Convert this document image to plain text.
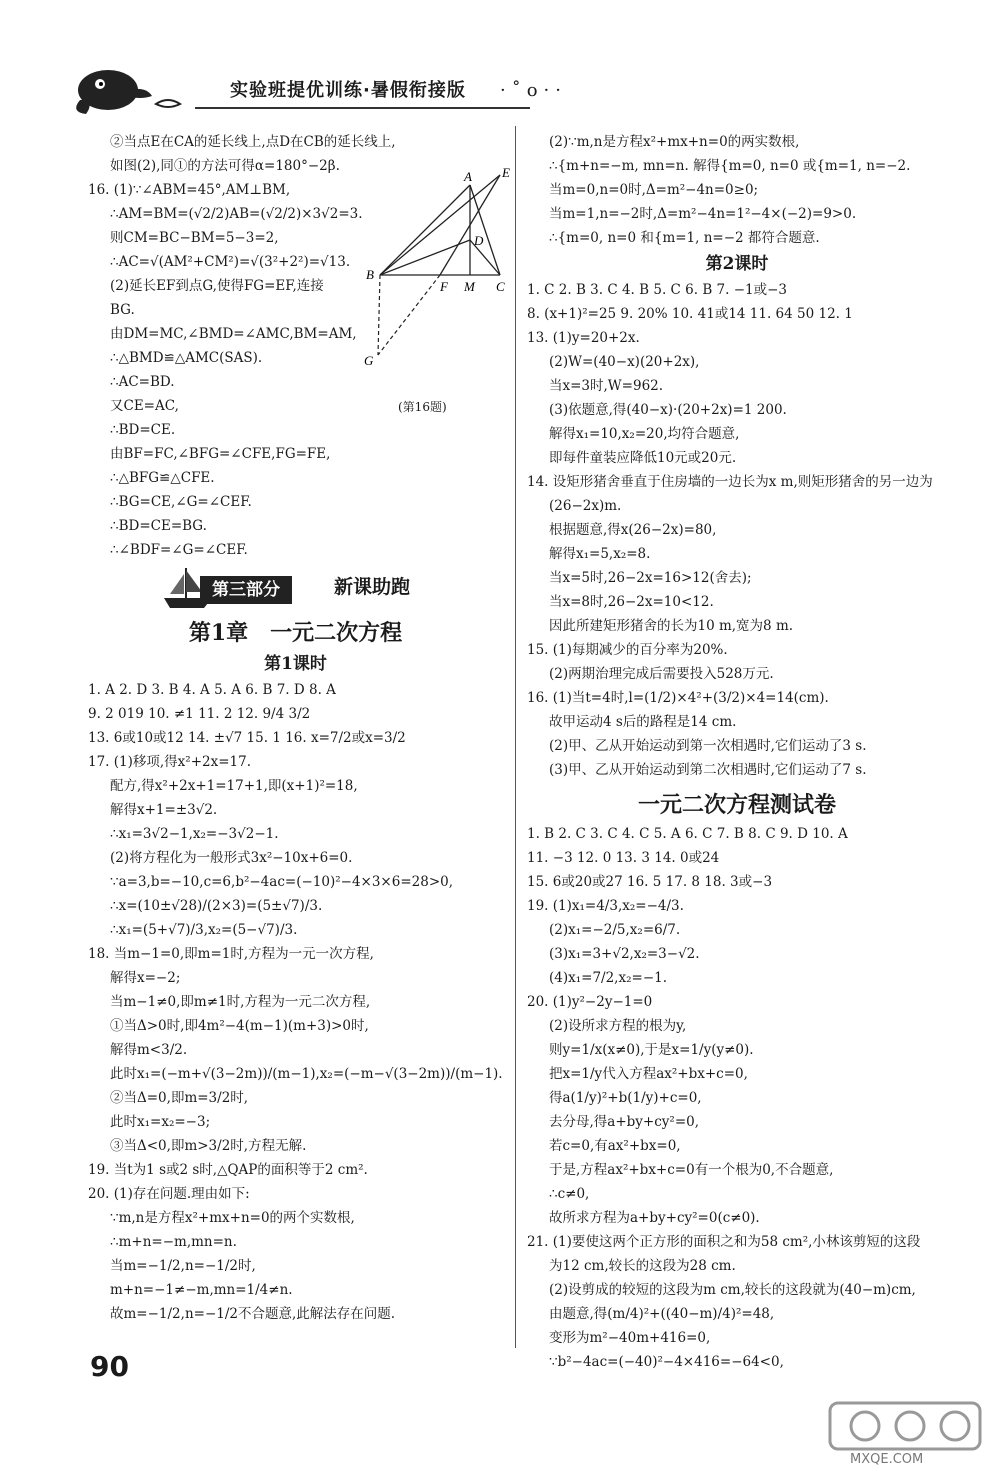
实验班提优训练·暑假衔接版 ·˚o··
②当点E在CA的延长线上,点D在CB的延长线上,
如图(2),同①的方法可得α=180°−2β.
16. (1)∵∠ABM=45°,AM⊥BM,
∴AM=BM=(√2/2)AB=(√2/2)×3√2=3.
则CM=BC−BM=5−3=2,
∴AC=√(AM²+CM²)=√(3²+2²)=√13.
(2)延长EF到点G,使得FG=EF,连接
BG.
由DM=MC,∠BMD=∠AMC,BM=AM,
∴△BMD≌△AMC(SAS).
∴AC=BD.
又CE=AC,
∴BD=CE.
由BF=FC,∠BFG=∠CFE,FG=FE,
∴△BFG≌△CFE.
∴BG=CE,∠G=∠CEF.
∴BD=CE=BG.
∴∠BDF=∠G=∠CEF.
第三部分	新课助跑
第1章　一元二次方程
第1课时
1. A 2. D 3. B 4. A 5. A 6. B 7. D 8. A
9. 2 019 10. ≠1 11. 2 12. 9/4 3/2
13. 6或10或12 14. ±√7 15. 1 16. x=7/2或x=3/2
17. (1)移项,得x²+2x=17.
配方,得x²+2x+1=17+1,即(x+1)²=18,
解得x+1=±3√2.
∴x₁=3√2−1,x₂=−3√2−1.
(2)将方程化为一般形式3x²−10x+6=0.
∵a=3,b=−10,c=6,b²−4ac=(−10)²−4×3×6=28>0,
∴x=(10±√28)/(2×3)=(5±√7)/3.
∴x₁=(5+√7)/3,x₂=(5−√7)/3.
18. 当m−1=0,即m=1时,方程为一元一次方程,
解得x=−2;
当m−1≠0,即m≠1时,方程为一元二次方程,
①当Δ>0时,即4m²−4(m−1)(m+3)>0时,
解得m<3/2.
此时x₁=(−m+√(3−2m))/(m−1),x₂=(−m−√(3−2m))/(m−1).
②当Δ=0,即m=3/2时,
此时x₁=x₂=−3;
③当Δ<0,即m>3/2时,方程无解.
19. 当t为1 s或2 s时,△QAP的面积等于2 cm².
20. (1)存在问题.理由如下:
∵m,n是方程x²+mx+n=0的两个实数根,
∴m+n=−m,mn=n.
当m=−1/2,n=−1/2时,
m+n=−1≠−m,mn=1/4≠n.
故m=−1/2,n=−1/2不合题意,此解法存在问题.
A E
D
B
F M C
G
(第16题)
(2)∵m,n是方程x²+mx+n=0的两实数根,
∴{m+n=−m, mn=n. 解得{m=0, n=0 或{m=1, n=−2.
当m=0,n=0时,Δ=m²−4n=0≥0;
当m=1,n=−2时,Δ=m²−4n=1²−4×(−2)=9>0.
∴{m=0, n=0 和{m=1, n=−2 都符合题意.
第2课时
1. C 2. B 3. C 4. B 5. C 6. B 7. −1或−3
8. (x+1)²=25 9. 20% 10. 41或14 11. 64 50 12. 1
13. (1)y=20+2x.
(2)W=(40−x)(20+2x),
当x=3时,W=962.
(3)依题意,得(40−x)·(20+2x)=1 200.
解得x₁=10,x₂=20,均符合题意,
即每件童装应降低10元或20元.
14. 设矩形猪舍垂直于住房墙的一边长为x m,则矩形猪舍的另一边为
(26−2x)m.
根据题意,得x(26−2x)=80,
解得x₁=5,x₂=8.
当x=5时,26−2x=16>12(舍去);
当x=8时,26−2x=10<12.
因此所建矩形猪舍的长为10 m,宽为8 m.
15. (1)每期减少的百分率为20%.
(2)两期治理完成后需要投入528万元.
16. (1)当t=4时,l=(1/2)×4²+(3/2)×4=14(cm).
故甲运动4 s后的路程是14 cm.
(2)甲、乙从开始运动到第一次相遇时,它们运动了3 s.
(3)甲、乙从开始运动到第二次相遇时,它们运动了7 s.
一元二次方程测试卷
1. B 2. C 3. C 4. C 5. A 6. C 7. B 8. C 9. D 10. A
11. −3 12. 0 13. 3 14. 0或24
15. 6或20或27 16. 5 17. 8 18. 3或−3
19. (1)x₁=4/3,x₂=−4/3.
(2)x₁=−2/5,x₂=6/7.
(3)x₁=3+√2,x₂=3−√2.
(4)x₁=7/2,x₂=−1.
20. (1)y²−2y−1=0
(2)设所求方程的根为y,
则y=1/x(x≠0),于是x=1/y(y≠0).
把x=1/y代入方程ax²+bx+c=0,
得a(1/y)²+b(1/y)+c=0,
去分母,得a+by+cy²=0,
若c=0,有ax²+bx=0,
于是,方程ax²+bx+c=0有一个根为0,不合题意,
∴c≠0,
故所求方程为a+by+cy²=0(c≠0).
21. (1)要使这两个正方形的面积之和为58 cm²,小林该剪短的这段
为12 cm,较长的这段为28 cm.
(2)设剪成的较短的这段为m cm,较长的这段就为(40−m)cm,
由题意,得(m/4)²+((40−m)/4)²=48,
变形为m²−40m+416=0,
∵b²−4ac=(−40)²−4×416=−64<0,
90
MXQE.COM
